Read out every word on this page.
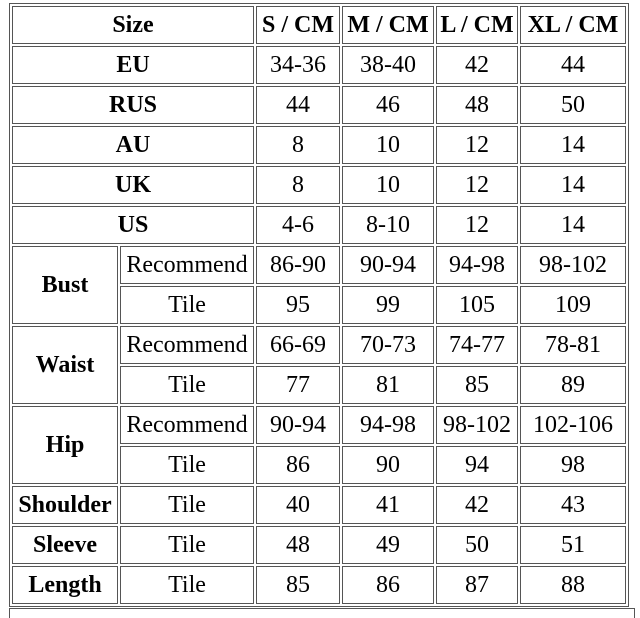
Size		S / CM	M / CM	L / CM	XL / CM
EU		34-36	38-40	42	44
RUS		44	46	48	50
AU		8	10	12	14
UK		8	10	12	14
US		4-6	8-10	12	14
Bust	Recommend	86-90	90-94	94-98	98-102
	Tile	95	99	105	109
Waist	Recommend	66-69	70-73	74-77	78-81
	Tile	77	81	85	89
Hip	Recommend	90-94	94-98	98-102	102-106
	Tile	86	90	94	98
Shoulder	Tile	40	41	42	43
Sleeve	Tile	48	49	50	51
Length	Tile	85	86	87	88
